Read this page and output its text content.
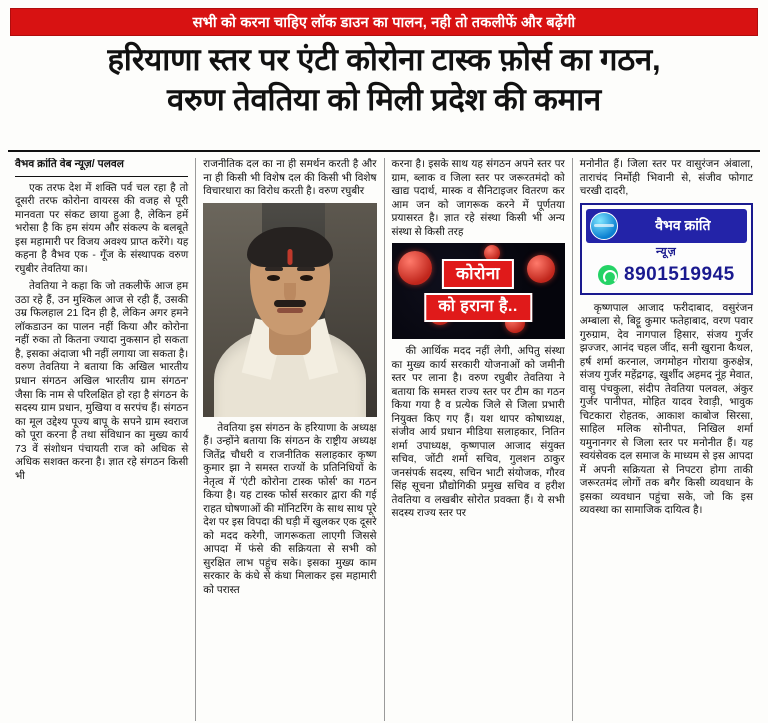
सभी को करना चाहिए लॉक डाउन का पालन, नही तो तकलीफें और बढ़ेंगी
हरियाणा स्तर पर एंटी कोरोना टास्क फ़ोर्स का गठन,
वरुण तेवतिया को मिली प्रदेश की कमान
वैभव क्रांति वेब न्यूज़/ पलवल

एक तरफ देश में शक्ति पर्व चल रहा है तो दूसरी तरफ कोरोना वायरस की वजह से पूरी मानवता पर संकट छाया हुआ है, लेकिन हमें भरोसा है कि हम संयम और संकल्प के बलबूते इस महामारी पर विजय अवश्य प्राप्त करेंगे। यह कहना है वैभव एक - गूँज के संस्थापक वरुण रघुबीर तेवतिया का।

तेवतिया ने कहा कि जो तकलीफें आज हम उठा रहे हैं, उन मुश्किल आज से रही हैं, उसकी उम्र फिलहाल 21 दिन ही है, लेकिन अगर हमने लॉकडाउन का पालन नहीं किया और कोरोना नहीं रुका तो कितना ज्यादा नुकसान हो सकता है, इसका अंदाजा भी नहीं लगाया जा सकता है। वरुण तेवतिया ने बताया कि अखिल भारतीय प्रधान संगठन अखिल भारतीय ग्राम संगठन' जैसा कि नाम से परिलक्षित हो रहा है संगठन के सदस्य ग्राम प्रधान, मुखिया व सरपंच हैं। संगठन का मूल उद्देश्य पूज्य बापू के सपने ग्राम स्वराज को पूरा करना है तथा संविधान का मुख्य कार्य 73 वें संशोधन पंचायती राज को अधिक से अधिक सशक्त करना है। ज्ञात रहे संगठन किसी भी

राजनीतिक दल का ना ही समर्थन करती है और ना ही किसी भी विशेष दल की किसी भी विशेष विचारधारा का विरोध करती है। वरुण रघुबीर

तेवतिया इस संगठन के हरियाणा के अध्यक्ष हैं। उन्होंने बताया कि संगठन के राष्ट्रीय अध्यक्ष जितेंद्र चौधरी व राजनीतिक सलाहकार कृष्ण कुमार झा ने समस्त राज्यों के प्रतिनिधियों के नेतृत्व में 'एंटी कोरोना टास्क फोर्स' का गठन किया है। यह टास्क फोर्स सरकार द्वारा की गई राहत घोषणाओं की मॉनिटरिंग के साथ साथ पूरे देश पर इस विपदा की घड़ी में खुलकर एक दूसरे को मदद करेगी, जागरूकता लाएगी जिससे आपदा में फंसे की सक्रियता से सभी को सुरक्षित लाभ पहुंच सके। इसका मुख्य काम सरकार के कंधे से कंधा मिलाकर इस महामारी को परास्त

करना है। इसके साथ यह संगठन अपने स्तर पर ग्राम, ब्लाक व जिला स्तर पर जरूरतमंदो को खाद्य पदार्थ, मास्क व सैनिटाइजर वितरण कर आम जन को जागरूक करने में पूर्णतया प्रयासरत है। ज्ञात रहे संस्था किसी भी अन्य संस्था से किसी तरह

कोरोना
को हराना है..

की आर्थिक मदद नहीं लेगी, अपितु संस्था का मुख्य कार्य सरकारी योजनाओं को जमीनी स्तर पर लाना है। वरुण रघुबीर तेवतिया ने बताया कि समस्त राज्य स्तर पर टीम का गठन किया गया है व प्रत्येक जिले से जिला प्रभारी नियुक्त किए गए हैं। यश थापर कोषाध्यक्ष, संजीव आर्य प्रधान मीडिया सलाहकार, नितिन शर्मा उपाध्यक्ष, कृष्णपाल आजाद संयुक्त सचिव, जोंटी शर्मा सचिव, गुलशन ठाकुर जनसंपर्क सदस्य, सचिन भाटी संयोजक, गौरव सिंह सूचना प्रौद्योगिकी प्रमुख सचिव व हरीश तेवतिया व लखबीर सोरोत प्रवक्ता हैं। ये सभी सदस्य राज्य स्तर पर

मनोनीत हैं। जिला स्तर पर वासुरंजन अंबाला, ताराचंद निर्माेही भिवानी से, संजीव फोगाट चरखी दादरी,

वैभव क्रांति
न्यूज़
8901519945

कृष्णपाल आजाद फरीदाबाद, वसुरंजन अम्बाला से, बिट्टू कुमार फतेहाबाद, वरण पवार गुरुग्राम, देव नागपाल हिसार, संजय गुर्जर झज्जर, आनंद चहल जींद, सनी खुराना कैथल, हर्ष शर्मा करनाल, जगमोहन गोराया कुरुक्षेत्र, संजय गुर्जर महेंद्रगढ़, खुर्शीद अहमद नूंह मेवात, वासु पंचकुला, संदीप तेवतिया पलवल, अंकुर गुर्जर पानीपत, मोहित यादव रेवाड़ी, भावुक चिटकारा रोहतक, आकाश काबोज सिरसा, साहिल मलिक सोनीपत, निखिल शर्मा यमुनानगर से जिला स्तर पर मनोनीत हैं। यह स्वयंसेवक दल समाज के माध्यम से इस आपदा में अपनी सक्रियता से निपटरा होगा ताकी जरूरतमंद लोगों तक बगैर किसी व्यवधान के इसका व्यवधान पहुंचा सके, जो कि इस व्यवस्था का सामाजिक दायित्व है।
